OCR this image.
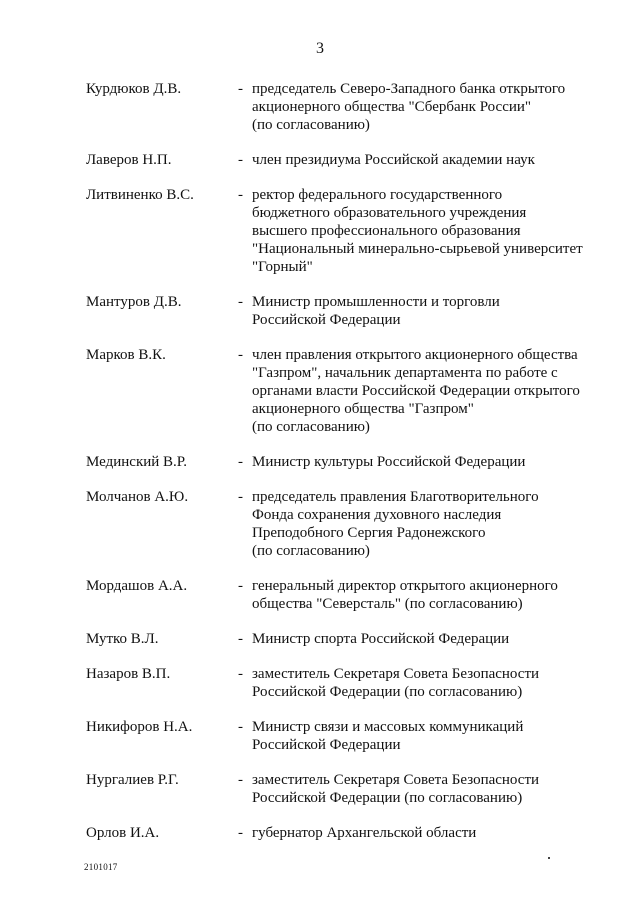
3
Курдюков Д.В.	- председатель Северо-Западного банка открытого
акционерного общества "Сбербанк России"
(по согласованию)
Лаверов Н.П.	- член президиума Российской академии наук
Литвиненко В.С.	- ректор федерального государственного
бюджетного образовательного учреждения
высшего профессионального образования
"Национальный минерально-сырьевой университет
"Горный"
Мантуров Д.В.	- Министр промышленности и торговли
Российской Федерации
Марков В.К.	- член правления открытого акционерного общества
"Газпром", начальник департамента по работе с
органами власти Российской Федерации открытого
акционерного общества "Газпром"
(по согласованию)
Мединский В.Р.	- Министр культуры Российской Федерации
Молчанов А.Ю.	- председатель правления Благотворительного
Фонда сохранения духовного наследия
Преподобного Сергия Радонежского
(по согласованию)
Мордашов А.А.	- генеральный директор открытого акционерного
общества "Северсталь" (по согласованию)
Мутко В.Л.	- Министр спорта Российской Федерации
Назаров В.П.	- заместитель Секретаря Совета Безопасности
Российской Федерации (по согласованию)
Никифоров Н.А.	- Министр связи и массовых коммуникаций
Российской Федерации
Нургалиев Р.Г.	- заместитель Секретаря Совета Безопасности
Российской Федерации (по согласованию)
Орлов И.А.	- губернатор Архангельской области
2101017
